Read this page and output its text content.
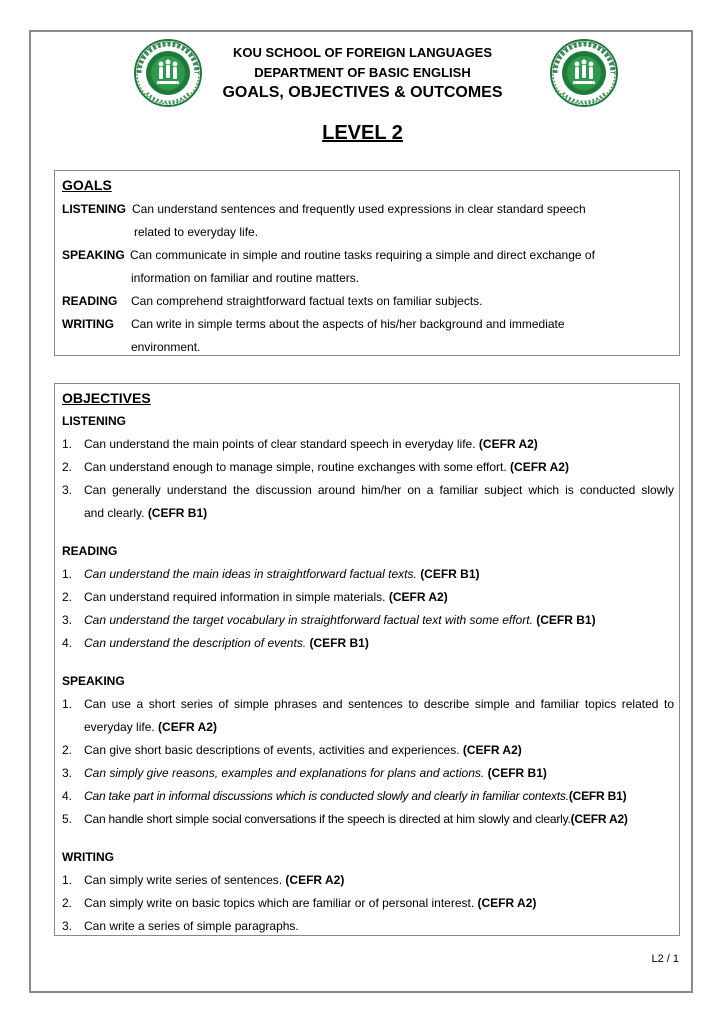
KOU SCHOOL OF FOREIGN LANGUAGES
DEPARTMENT OF BASIC ENGLISH
GOALS, OBJECTIVES & OUTCOMES
LEVEL 2
GOALS
LISTENING Can understand sentences and frequently used expressions in clear standard speech
related to everyday life.
SPEAKING Can communicate in simple and routine tasks requiring a simple and direct exchange of
information on familiar and routine matters.
READING Can comprehend straightforward factual texts on familiar subjects.
WRITING Can write in simple terms about the aspects of his/her background and immediate
environment.
OBJECTIVES
LISTENING
1. Can understand the main points of clear standard speech in everyday life. (CEFR A2)
2. Can understand enough to manage simple, routine exchanges with some effort. (CEFR A2)
3. Can generally understand the discussion around him/her on a familiar subject which is conducted slowly
and clearly. (CEFR B1)
READING
1. Can understand the main ideas in straightforward factual texts. (CEFR B1)
2. Can understand required information in simple materials. (CEFR A2)
3. Can understand the target vocabulary in straightforward factual text with some effort. (CEFR B1)
4. Can understand the description of events. (CEFR B1)
SPEAKING
1. Can use a short series of simple phrases and sentences to describe simple and familiar topics related to
everyday life. (CEFR A2)
2. Can give short basic descriptions of events, activities and experiences. (CEFR A2)
3. Can simply give reasons, examples and explanations for plans and actions. (CEFR B1)
4. Can take part in informal discussions which is conducted slowly and clearly in familiar contexts.(CEFR B1)
5. Can handle short simple social conversations if the speech is directed at him slowly and clearly.(CEFR A2)
WRITING
1. Can simply write series of sentences. (CEFR A2)
2. Can simply write on basic topics which are familiar or of personal interest. (CEFR A2)
3. Can write a series of simple paragraphs.
L2 / 1
